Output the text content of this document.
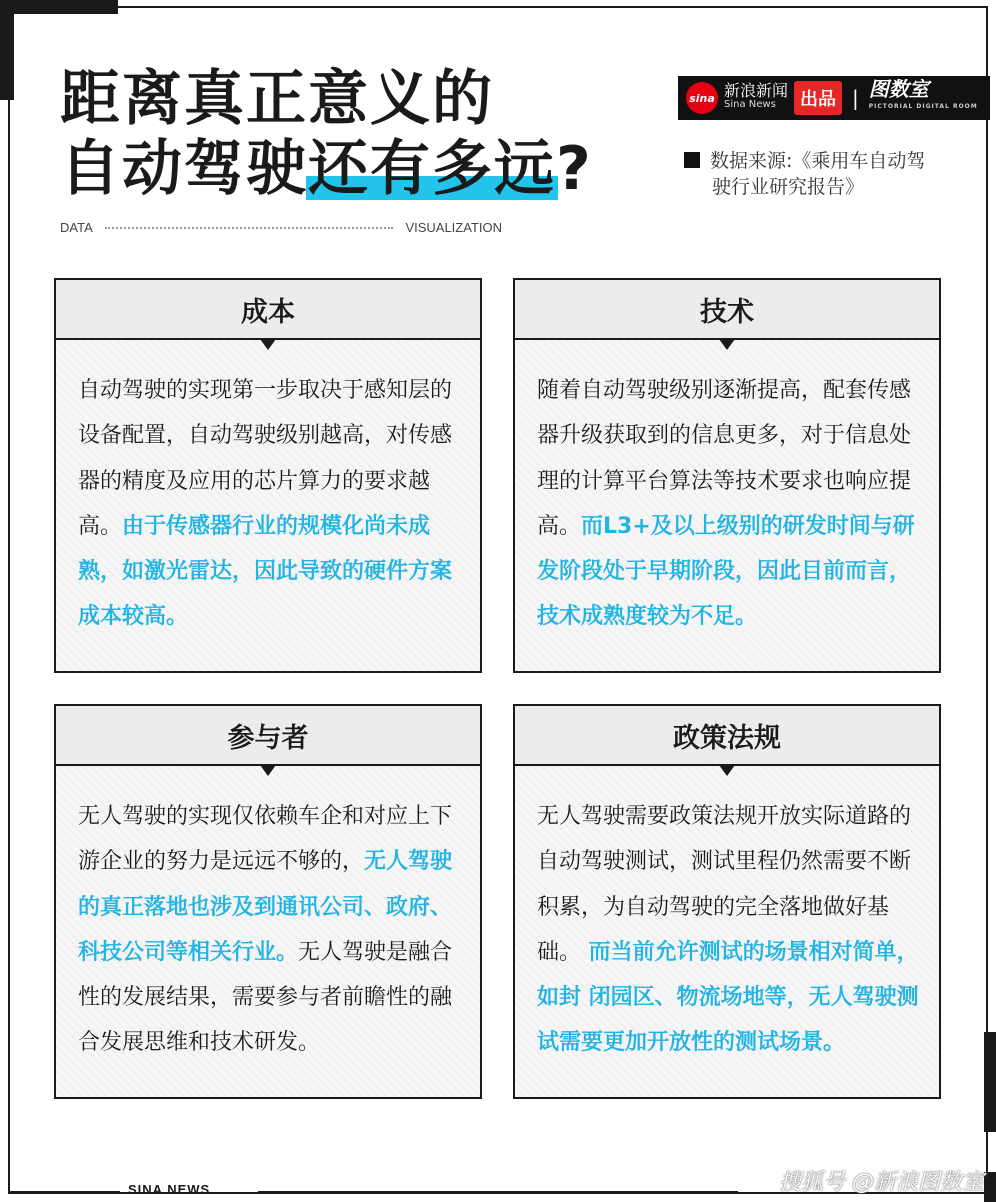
距离真正意义的
自动驾驶还有多远?
DATA	VISUALIZATION
sina 新浪新闻
Sina News	出品 | 图数室
PICTORIAL DIGITAL ROOM
数据来源:《乘用车自动驾
驶行业研究报告》
成本
自动驾驶的实现第一步取决于感知层的设备配置，自动驾驶级别越高，对传感器的精度及应用的芯片算力的要求越高。由于传感器行业的规模化尚未成熟，如激光雷达，因此导致的硬件方案成本较高。
技术
随着自动驾驶级别逐渐提高，配套传感器升级获取到的信息更多，对于信息处理的计算平台算法等技术要求也响应提高。而L3+及以上级别的研发时间与研发阶段处于早期阶段，因此目前而言，技术成熟度较为不足。
参与者
无人驾驶的实现仅依赖车企和对应上下游企业的努力是远远不够的，无人驾驶的真正落地也涉及到通讯公司、政府、科技公司等相关行业。无人驾驶是融合性的发展结果，需要参与者前瞻性的融合发展思维和技术研发。
政策法规
无人驾驶需要政策法规开放实际道路的自动驾驶测试，测试里程仍然需要不断积累，为自动驾驶的完全落地做好基础。 而当前允许测试的场景相对简单，如封 闭园区、物流场地等，无人驾驶测试需要更加开放性的测试场景。
SINA NEWS	搜狐号 @新浪图数室
